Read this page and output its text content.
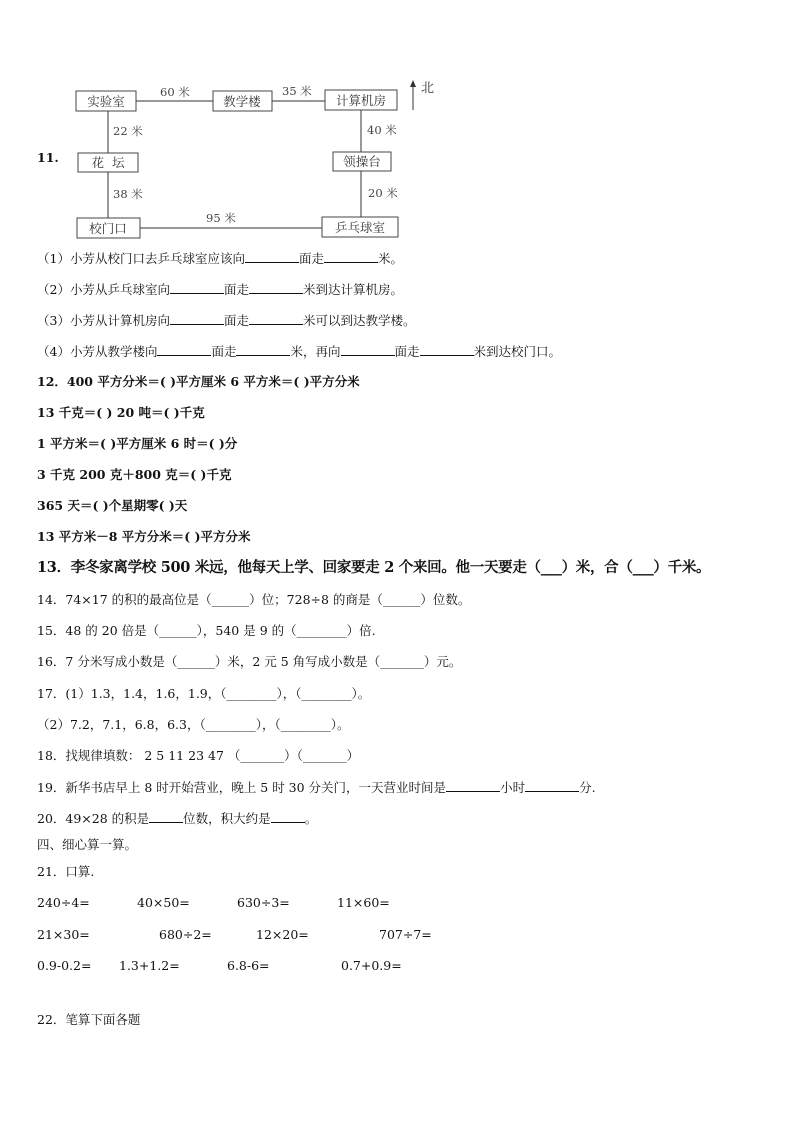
11.
北
实验室	教学楼	计算机房
花  坛	领操台
校门口	乒乓球室
60 米	35 米
22 米	40 米
38 米	20 米
95 米
（1）小芳从校门口去乒乓球室应该向	面走	米。
（2）小芳从乒乓球室向	面走	米到达计算机房。
（3）小芳从计算机房向	面走	米可以到达教学楼。
（4）小芳从教学楼向	面走	米，再向	面走	米到达校门口。
12．400 平方分米＝( )平方厘米 6 平方米＝( )平方分米
13 千克＝( ) 20 吨＝( )千克
1 平方米＝( )平方厘米 6 时＝( )分
3 千克 200 克＋800 克＝( )千克
365 天＝( )个星期零( )天
13 平方米－8 平方分米＝( )平方分米
13．李冬家离学校 500 米远，他每天上学、回家要走 2 个来回。他一天要走（___）米，合（___）千米。
14．74×17 的积的最高位是（______）位；728÷8 的商是（______）位数。
15．48 的 20 倍是（______），540 是 9 的（________）倍.
16．7 分米写成小数是（______）米，2 元 5 角写成小数是（_______）元。
17．(1）1.3，1.4，1.6，1.9，（________），（________）。
（2）7.2，7.1，6.8，6.3，（________），（________）。
18．找规律填数： 2 5 11 23 47 （_______）（_______）
19．新华书店早上 8 时开始营业，晚上 5 时 30 分关门，一天营业时间是	小时	分.
20．49×28 的积是	位数，积大约是	。
四、细心算一算。
21．口算.
240÷4=	40×50=	630÷3=	11×60=
21×30=	680÷2=	12×20=	707÷7=
0.9-0.2= 1.3+1.2=	6.8-6=	0.7+0.9=
22．笔算下面各题
